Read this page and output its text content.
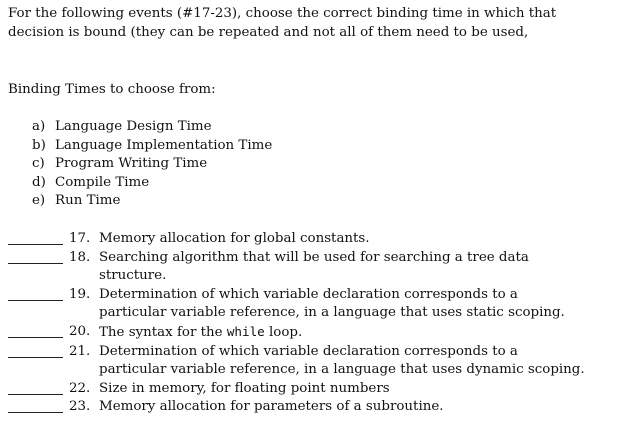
For the following events (#17-23), choose the correct binding time in which that
decision is bound (they can be repeated and not all of them need to be used,
Binding Times to choose from:
a) Language Design Time
b) Language Implementation Time
c) Program Writing Time
d) Compile Time
e) Run Time
17. Memory allocation for global constants.
18. Searching algorithm that will be used for searching a tree data
structure.
19. Determination of which variable declaration corresponds to a
particular variable reference, in a language that uses static scoping.
20. The syntax for the while loop.
21. Determination of which variable declaration corresponds to a
particular variable reference, in a language that uses dynamic scoping.
22. Size in memory, for floating point numbers
23. Memory allocation for parameters of a subroutine.
